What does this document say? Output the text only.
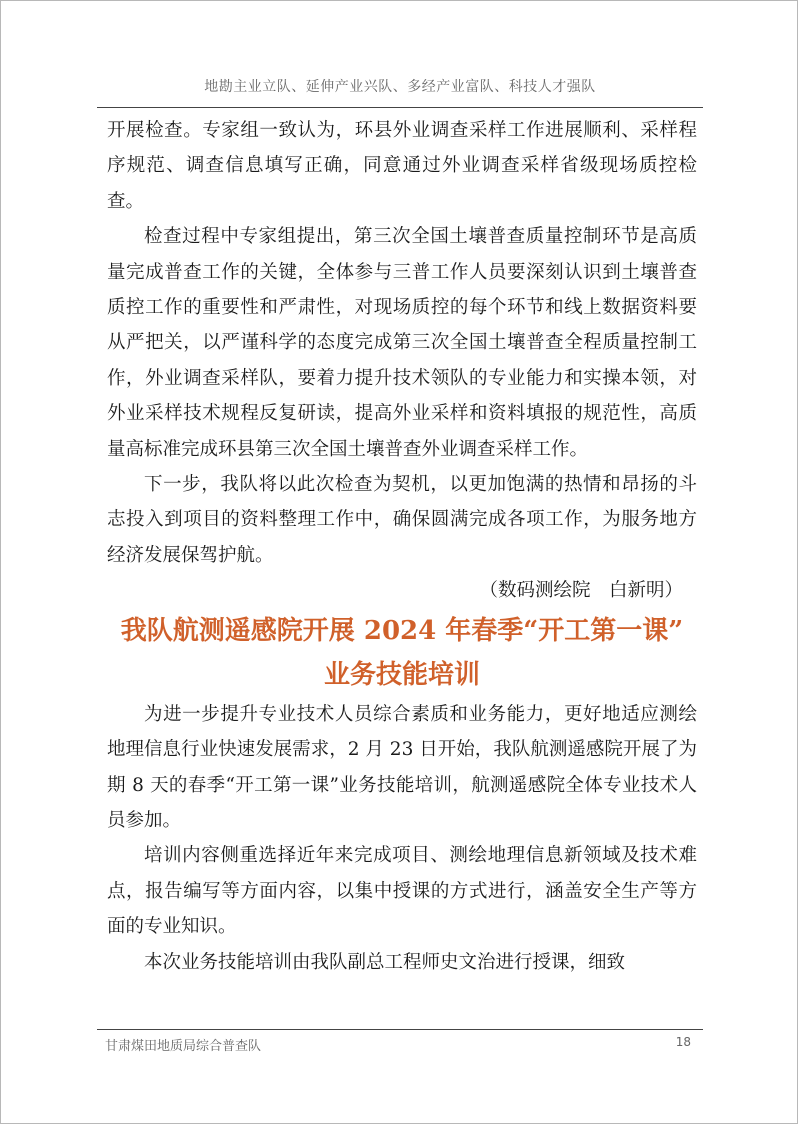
地勘主业立队、延伸产业兴队、多经产业富队、科技人才强队

开展检查。专家组一致认为，环县外业调查采样工作进展顺利、采样程序规范、调查信息填写正确，同意通过外业调查采样省级现场质控检查。

检查过程中专家组提出，第三次全国土壤普查质量控制环节是高质量完成普查工作的关键，全体参与三普工作人员要深刻认识到土壤普查质控工作的重要性和严肃性，对现场质控的每个环节和线上数据资料要从严把关，以严谨科学的态度完成第三次全国土壤普查全程质量控制工作，外业调查采样队，要着力提升技术领队的专业能力和实操本领，对外业采样技术规程反复研读，提高外业采样和资料填报的规范性，高质量高标准完成环县第三次全国土壤普查外业调查采样工作。

下一步，我队将以此次检查为契机，以更加饱满的热情和昂扬的斗志投入到项目的资料整理工作中，确保圆满完成各项工作，为服务地方经济发展保驾护航。

（数码测绘院　白新明）

我队航测遥感院开展 2024 年春季“开工第一课”
业务技能培训

为进一步提升专业技术人员综合素质和业务能力，更好地适应测绘地理信息行业快速发展需求，2 月 23 日开始，我队航测遥感院开展了为期 8 天的春季“开工第一课”业务技能培训，航测遥感院全体专业技术人员参加。

培训内容侧重选择近年来完成项目、测绘地理信息新领域及技术难点，报告编写等方面内容，以集中授课的方式进行，涵盖安全生产等方面的专业知识。

本次业务技能培训由我队副总工程师史文治进行授课，细致

甘肃煤田地质局综合普查队	18
